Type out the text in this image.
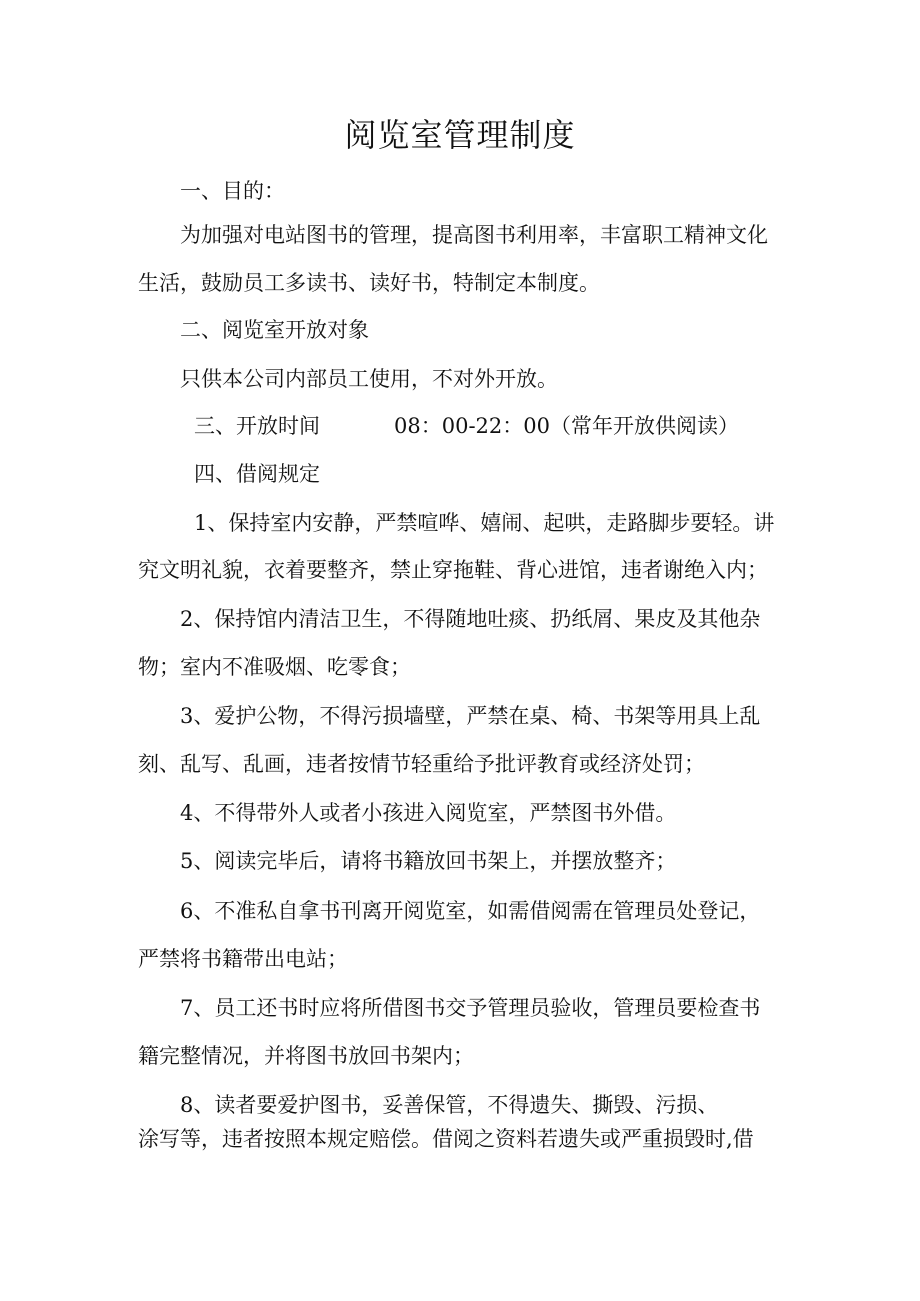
阅览室管理制度

一、目的：

为加强对电站图书的管理，提高图书利用率，丰富职工精神文化

生活，鼓励员工多读书、读好书，特制定本制度。

二、阅览室开放对象

只供本公司内部员工使用，不对外开放。

三、开放时间	08：00-22：00（常年开放供阅读）

四、借阅规定

1、保持室内安静，严禁喧哗、嬉闹、起哄，走路脚步要轻。讲

究文明礼貌，衣着要整齐，禁止穿拖鞋、背心进馆，违者谢绝入内；

2、保持馆内清洁卫生，不得随地吐痰、扔纸屑、果皮及其他杂

物；室内不准吸烟、吃零食；

3、爱护公物，不得污损墙壁，严禁在桌、椅、书架等用具上乱

刻、乱写、乱画，违者按情节轻重给予批评教育或经济处罚；

4、不得带外人或者小孩进入阅览室，严禁图书外借。

5、阅读完毕后，请将书籍放回书架上，并摆放整齐；

6、不准私自拿书刊离开阅览室，如需借阅需在管理员处登记，

严禁将书籍带出电站；

7、员工还书时应将所借图书交予管理员验收，管理员要检查书

籍完整情况，并将图书放回书架内；

8、读者要爱护图书，妥善保管，不得遗失、撕毁、污损、

涂写等，违者按照本规定赔偿。借阅之资料若遗失或严重损毁时,借
